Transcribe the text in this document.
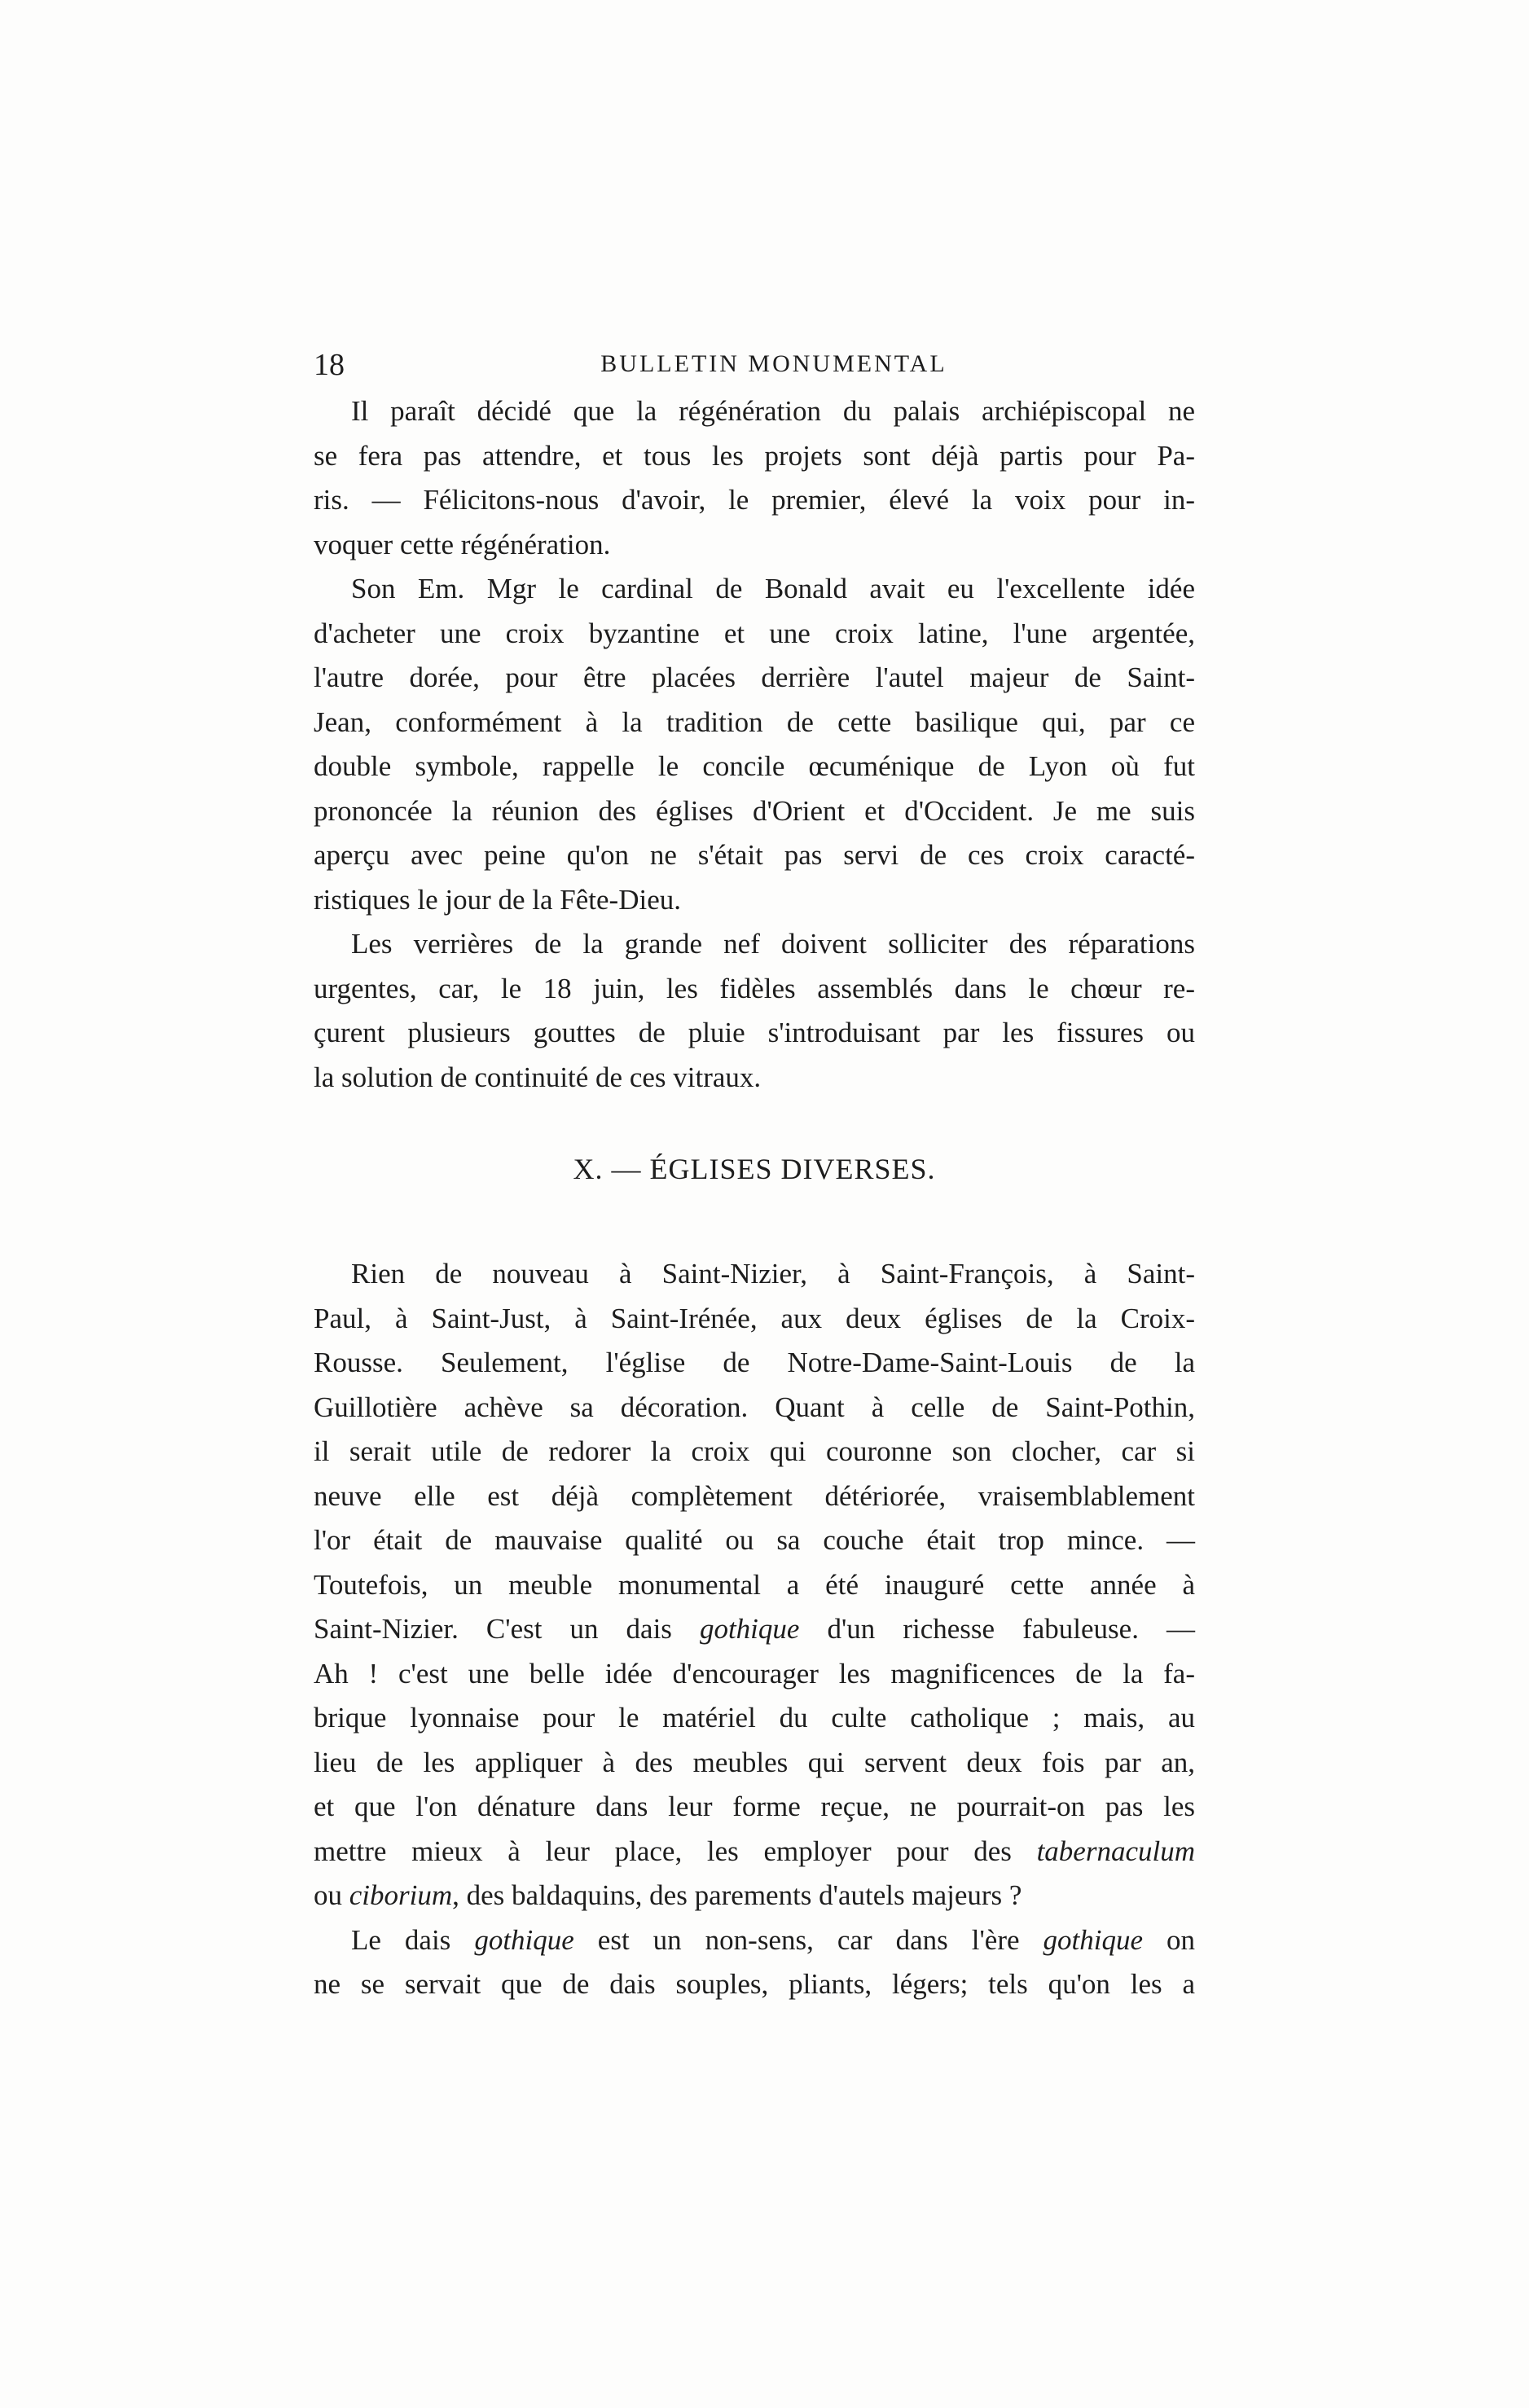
18	BULLETIN MONUMENTAL
Il paraît décidé que la régénération du palais archiépiscopal ne
se fera pas attendre, et tous les projets sont déjà partis pour Pa-
ris. — Félicitons-nous d'avoir, le premier, élevé la voix pour in-
voquer cette régénération.
Son Em. Mgr le cardinal de Bonald avait eu l'excellente idée
d'acheter une croix byzantine et une croix latine, l'une argentée,
l'autre dorée, pour être placées derrière l'autel majeur de Saint-
Jean, conformément à la tradition de cette basilique qui, par ce
double symbole, rappelle le concile œcuménique de Lyon où fut
prononcée la réunion des églises d'Orient et d'Occident. Je me suis
aperçu avec peine qu'on ne s'était pas servi de ces croix caracté-
ristiques le jour de la Fête-Dieu.
Les verrières de la grande nef doivent solliciter des réparations
urgentes, car, le 18 juin, les fidèles assemblés dans le chœur re-
çurent plusieurs gouttes de pluie s'introduisant par les fissures ou
la solution de continuité de ces vitraux.
X. — ÉGLISES DIVERSES.
Rien de nouveau à Saint-Nizier, à Saint-François, à Saint-
Paul, à Saint-Just, à Saint-Irénée, aux deux églises de la Croix-
Rousse. Seulement, l'église de Notre-Dame-Saint-Louis de la
Guillotière achève sa décoration. Quant à celle de Saint-Pothin,
il serait utile de redorer la croix qui couronne son clocher, car si
neuve elle est déjà complètement détériorée, vraisemblablement
l'or était de mauvaise qualité ou sa couche était trop mince. —
Toutefois, un meuble monumental a été inauguré cette année à
Saint-Nizier. C'est un dais gothique d'un richesse fabuleuse. —
Ah ! c'est une belle idée d'encourager les magnificences de la fa-
brique lyonnaise pour le matériel du culte catholique ; mais, au
lieu de les appliquer à des meubles qui servent deux fois par an,
et que l'on dénature dans leur forme reçue, ne pourrait-on pas les
mettre mieux à leur place, les employer pour des tabernaculum
ou ciborium, des baldaquins, des parements d'autels majeurs ?
Le dais gothique est un non-sens, car dans l'ère gothique on
ne se servait que de dais souples, pliants, légers; tels qu'on les a
